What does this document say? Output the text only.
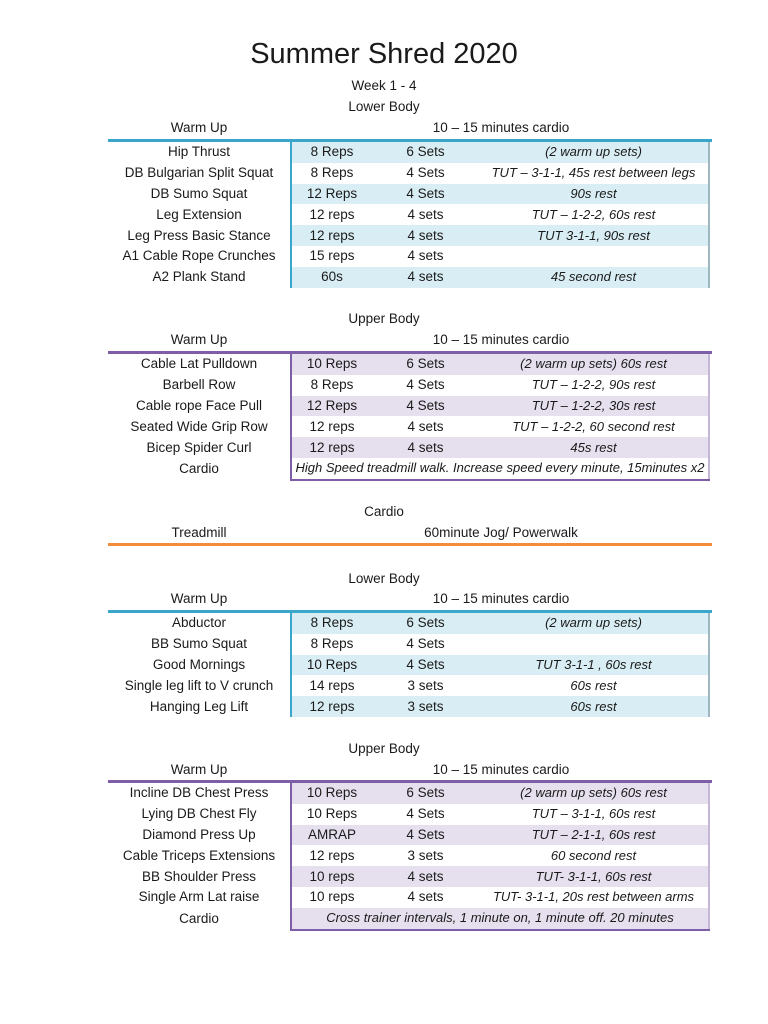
Summer Shred 2020
Week 1 - 4
Lower Body
Warm Up	10 – 15 minutes cardio
Hip Thrust	8 Reps	6 Sets	(2 warm up sets)
DB Bulgarian Split Squat	8 Reps	4 Sets	TUT – 3-1-1, 45s rest between legs
DB Sumo Squat	12 Reps	4 Sets	90s rest
Leg Extension	12 reps	4 sets	TUT – 1-2-2, 60s rest
Leg Press Basic Stance	12 reps	4 sets	TUT 3-1-1, 90s rest
A1 Cable Rope Crunches	15 reps	4 sets	
A2 Plank Stand	60s	4 sets	45 second rest
Upper Body
Warm Up	10 – 15 minutes cardio
Cable Lat Pulldown	10 Reps	6 Sets	(2 warm up sets) 60s rest
Barbell Row	8 Reps	4 Sets	TUT – 1-2-2, 90s rest
Cable rope Face Pull	12 Reps	4 Sets	TUT – 1-2-2, 30s rest
Seated Wide Grip Row	12 reps	4 sets	TUT – 1-2-2, 60 second rest
Bicep Spider Curl	12 reps	4 sets	45s rest
Cardio	High Speed treadmill walk. Increase speed every minute, 15minutes x2		
Cardio
Treadmill	60minute Jog/ Powerwalk
Lower Body
Warm Up	10 – 15 minutes cardio
Abductor	8 Reps	6 Sets	(2 warm up sets)
BB Sumo Squat	8 Reps	4 Sets	
Good Mornings	10 Reps	4 Sets	TUT 3-1-1 , 60s rest
Single leg lift to V crunch	14 reps	3 sets	60s rest
Hanging Leg Lift	12 reps	3 sets	60s rest
Upper Body
Warm Up	10 – 15 minutes cardio
Incline DB Chest Press	10 Reps	6 Sets	(2 warm up sets) 60s rest
Lying DB Chest Fly	10 Reps	4 Sets	TUT – 3-1-1, 60s rest
Diamond Press Up	AMRAP	4 Sets	TUT – 2-1-1, 60s rest
Cable Triceps Extensions	12 reps	3 sets	60 second rest
BB Shoulder Press	10 reps	4 sets	TUT- 3-1-1, 60s rest
Single Arm Lat raise	10 reps	4 sets	TUT- 3-1-1, 20s rest between arms
Cardio	Cross trainer intervals, 1 minute on, 1 minute off. 20 minutes		
